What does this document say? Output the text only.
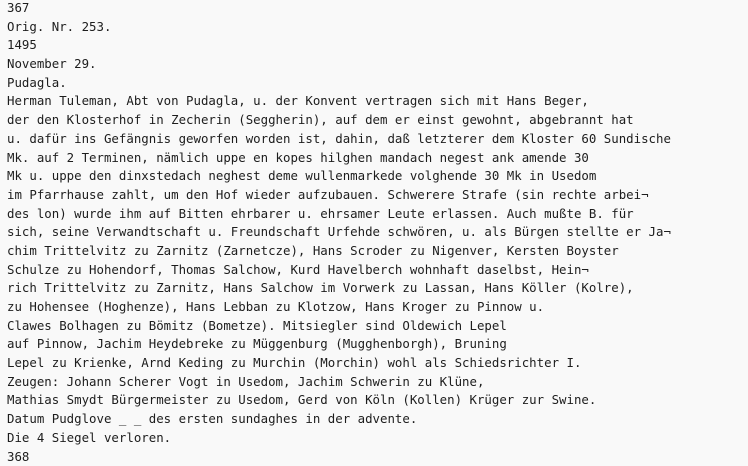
367
Orig. Nr. 253.
1495
November 29.
Pudagla.
Herman Tuleman, Abt von Pudagla, u. der Konvent vertragen sich mit Hans Beger,
der den Klosterhof in Zecherin (Seggherin), auf dem er einst gewohnt, abgebrannt hat
u. dafür ins Gefängnis geworfen worden ist, dahin, daß letzterer dem Kloster 60 Sundische
Mk. auf 2 Terminen, nämlich uppe en kopes hilghen mandach negest ank amende 30
Mk u. uppe den dinxstedach neghest deme wullenmarkede volghende 30 Mk in Usedom
im Pfarrhause zahlt, um den Hof wieder aufzubauen. Schwerere Strafe (sin rechte arbei¬
des lon) wurde ihm auf Bitten ehrbarer u. ehrsamer Leute erlassen. Auch mußte B. für
sich, seine Verwandtschaft u. Freundschaft Urfehde schwören, u. als Bürgen stellte er Ja¬
chim Trittelvitz zu Zarnitz (Zarnetcze), Hans Scroder zu Nigenver, Kersten Boyster
Schulze zu Hohendorf, Thomas Salchow, Kurd Havelberch wohnhaft daselbst, Hein¬
rich Trittelvitz zu Zarnitz, Hans Salchow im Vorwerk zu Lassan, Hans Köller (Kolre),
zu Hohensee (Hoghenze), Hans Lebban zu Klotzow, Hans Kroger zu Pinnow u.
Clawes Bolhagen zu Bömitz (Bometze). Mitsiegler sind Oldewich Lepel
auf Pinnow, Jachim Heydebreke zu Müggenburg (Mugghenborgh), Bruning
Lepel zu Krienke, Arnd Keding zu Murchin (Morchin) wohl als Schiedsrichter I.
Zeugen: Johann Scherer Vogt in Usedom, Jachim Schwerin zu Klüne,
Mathias Smydt Bürgermeister zu Usedom, Gerd von Köln (Kollen) Krüger zur Swine.
Datum Pudglove _ _ des ersten sundaghes in der advente.
Die 4 Siegel verloren.
368
